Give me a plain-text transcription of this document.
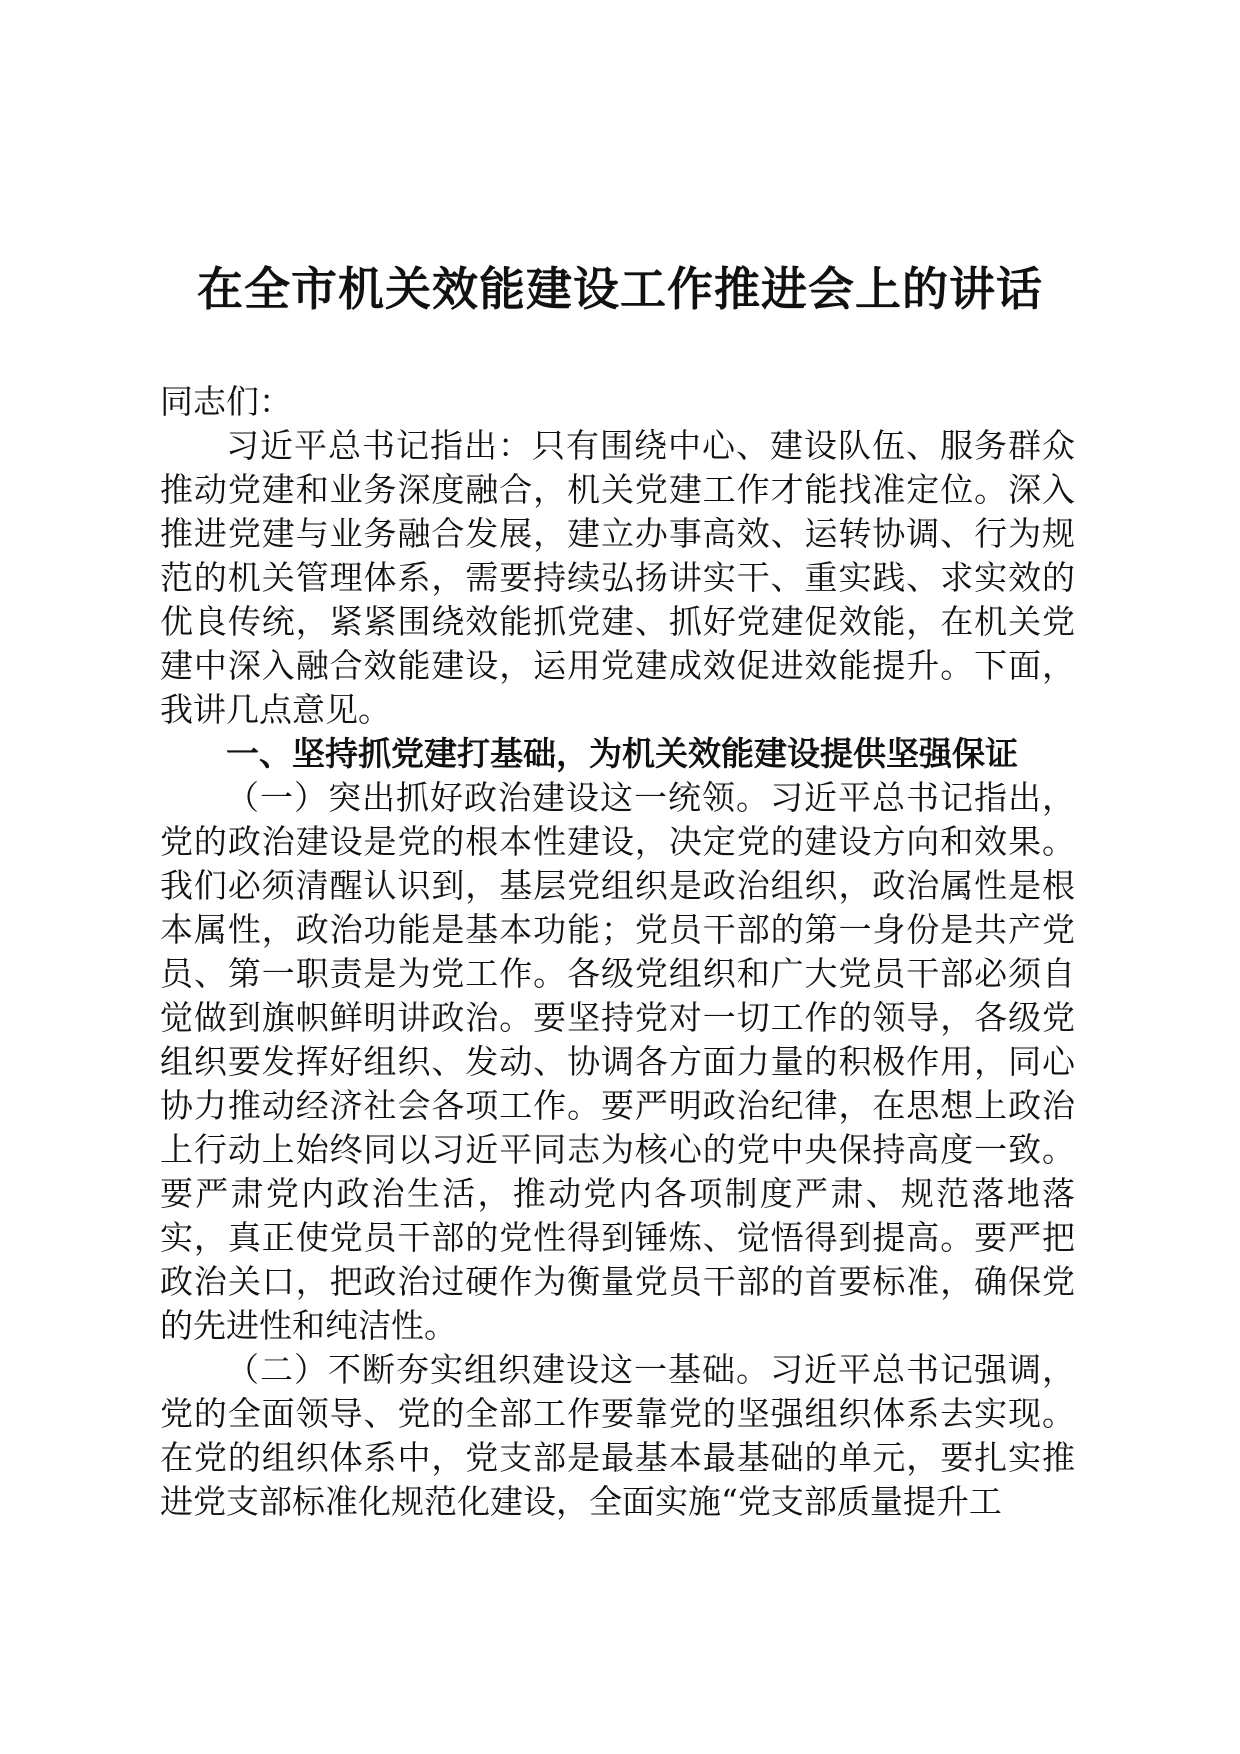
在全市机关效能建设工作推进会上的讲话

同志们：

习近平总书记指出：只有围绕中心、建设队伍、服务群众推动党建和业务深度融合，机关党建工作才能找准定位。深入推进党建与业务融合发展，建立办事高效、运转协调、行为规范的机关管理体系，需要持续弘扬讲实干、重实践、求实效的优良传统，紧紧围绕效能抓党建、抓好党建促效能，在机关党建中深入融合效能建设，运用党建成效促进效能提升。下面，我讲几点意见。

一、坚持抓党建打基础，为机关效能建设提供坚强保证

（一）突出抓好政治建设这一统领。习近平总书记指出，党的政治建设是党的根本性建设，决定党的建设方向和效果。我们必须清醒认识到，基层党组织是政治组织，政治属性是根本属性，政治功能是基本功能；党员干部的第一身份是共产党员、第一职责是为党工作。各级党组织和广大党员干部必须自觉做到旗帜鲜明讲政治。要坚持党对一切工作的领导，各级党组织要发挥好组织、发动、协调各方面力量的积极作用，同心协力推动经济社会各项工作。要严明政治纪律，在思想上政治上行动上始终同以习近平同志为核心的党中央保持高度一致。要严肃党内政治生活，推动党内各项制度严肃、规范落地落实，真正使党员干部的党性得到锤炼、觉悟得到提高。要严把政治关口，把政治过硬作为衡量党员干部的首要标准，确保党的先进性和纯洁性。

（二）不断夯实组织建设这一基础。习近平总书记强调，党的全面领导、党的全部工作要靠党的坚强组织体系去实现。在党的组织体系中，党支部是最基本最基础的单元，要扎实推进党支部标准化规范化建设，全面实施“党支部质量提升工
